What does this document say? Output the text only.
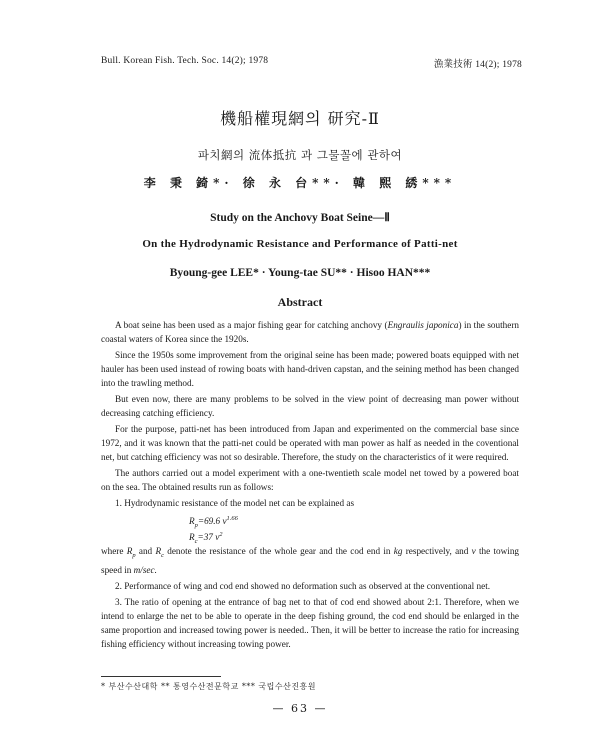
Bull. Korean Fish. Tech. Soc. 14(2); 1978	漁業技術 14(2); 1978
機船權現網의 研究-Ⅱ
파치網의 流体抵抗 과 그물꼴에 관하여
李 秉 錡*· 徐 永 台**· 韓 熙 綉***
Study on the Anchovy Boat Seine—Ⅱ
On the Hydrodynamic Resistance and Performance of Patti-net
Byoung-gee LEE* · Young-tae SU** · Hisoo HAN***
Abstract

A boat seine has been used as a major fishing gear for catching anchovy (Engraulis japonica) in the southern coastal waters of Korea since the 1920s.

Since the 1950s some improvement from the original seine has been made; powered boats equipped with net hauler has been used instead of rowing boats with hand-driven capstan, and the seining method has been changed into the trawling method.

But even now, there are many problems to be solved in the view point of decreasing man power without decreasing catching efficiency.

For the purpose, patti-net has been introduced from Japan and experimented on the commercial base since 1972, and it was known that the patti-net could be operated with man power as half as needed in the coventional net, but catching efficiency was not so desirable. Therefore, the study on the characteristics of it were required.

The authors carried out a model experiment with a one-twentieth scale model net towed by a powered boat on the sea. The obtained results run as follows:

1. Hydrodynamic resistance of the model net can be explained as

$R_p=69.6$ $v^{1.66}$
$R_c=37$ $v^2$

where $R_p$ and $R_c$ denote the resistance of the whole gear and the cod end in kg respectively, and v the towing speed in m/sec.

2. Performance of wing and cod end showed no deformation such as observed at the conventional net.

3. The ratio of opening at the entrance of bag net to that of cod end showed about 2:1. Therefore, when we intend to enlarge the net to be able to operate in the deep fishing ground, the cod end should be enlarged in the same proportion and increased towing power is needed.. Then, it will be better to increase the ratio for increasing fishing efficiency without increasing towing power.

* 부산수산대학 ** 통영수산전문학교 *** 국립수산진흥원
— 63 —
